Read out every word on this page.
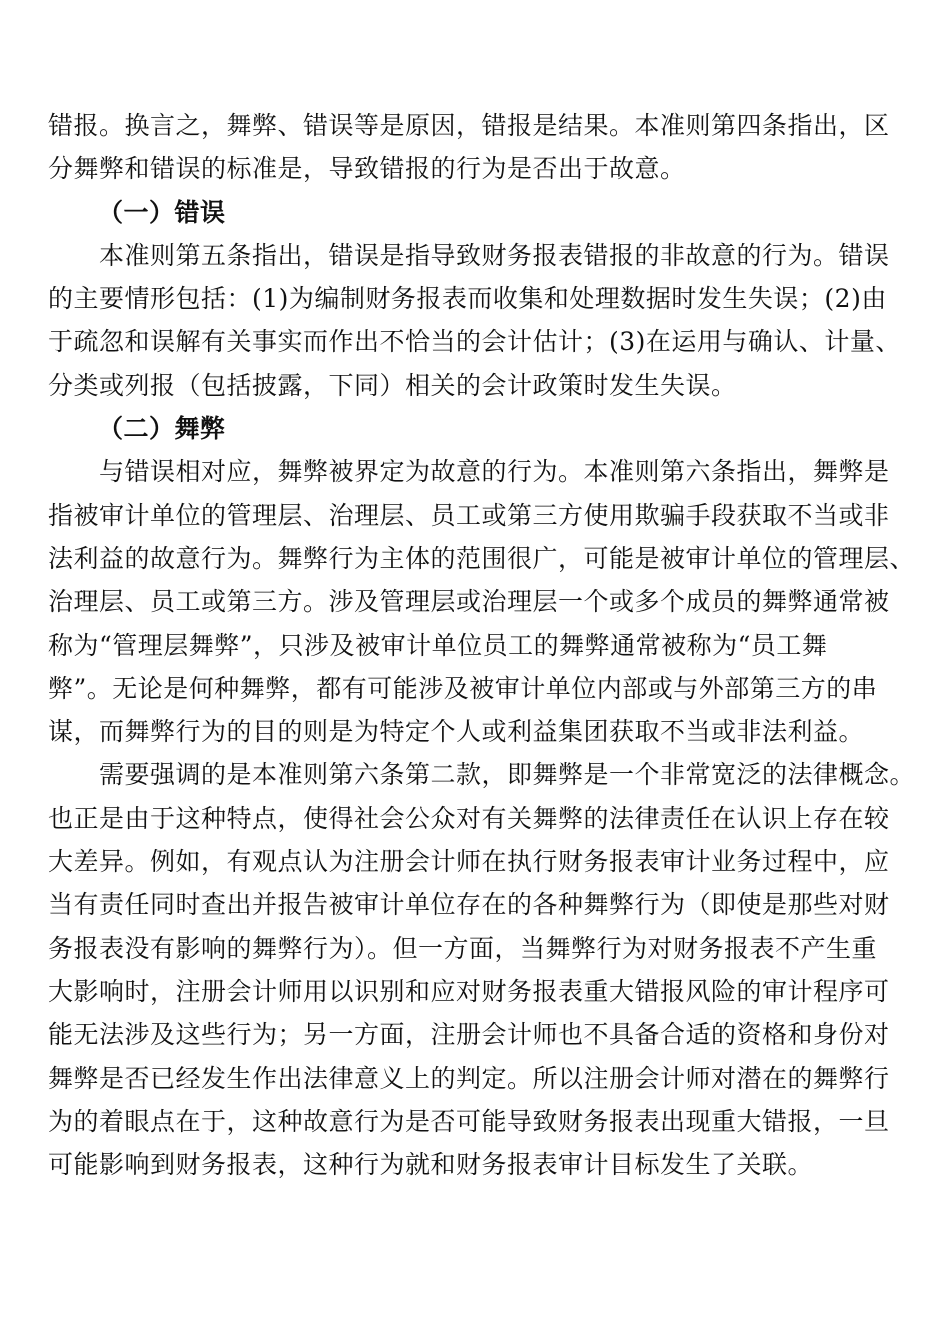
错报。换言之，舞弊、错误等是原因，错报是结果。本准则第四条指出，区
分舞弊和错误的标准是，导致错报的行为是否出于故意。
（一）错误
　　本准则第五条指出，错误是指导致财务报表错报的非故意的行为。错误
的主要情形包括：(1)为编制财务报表而收集和处理数据时发生失误；(2)由
于疏忽和误解有关事实而作出不恰当的会计估计；(3)在运用与确认、计量、
分类或列报（包括披露，下同）相关的会计政策时发生失误。
（二）舞弊
　　与错误相对应，舞弊被界定为故意的行为。本准则第六条指出，舞弊是
指被审计单位的管理层、治理层、员工或第三方使用欺骗手段获取不当或非
法利益的故意行为。舞弊行为主体的范围很广，可能是被审计单位的管理层、
治理层、员工或第三方。涉及管理层或治理层一个或多个成员的舞弊通常被
称为“管理层舞弊”，只涉及被审计单位员工的舞弊通常被称为“员工舞
弊”。无论是何种舞弊，都有可能涉及被审计单位内部或与外部第三方的串
谋，而舞弊行为的目的则是为特定个人或利益集团获取不当或非法利益。
　　需要强调的是本准则第六条第二款，即舞弊是一个非常宽泛的法律概念。
也正是由于这种特点，使得社会公众对有关舞弊的法律责任在认识上存在较
大差异。例如，有观点认为注册会计师在执行财务报表审计业务过程中，应
当有责任同时查出并报告被审计单位存在的各种舞弊行为（即使是那些对财
务报表没有影响的舞弊行为）。但一方面，当舞弊行为对财务报表不产生重
大影响时，注册会计师用以识别和应对财务报表重大错报风险的审计程序可
能无法涉及这些行为；另一方面，注册会计师也不具备合适的资格和身份对
舞弊是否已经发生作出法律意义上的判定。所以注册会计师对潜在的舞弊行
为的着眼点在于，这种故意行为是否可能导致财务报表出现重大错报，一旦
可能影响到财务报表，这种行为就和财务报表审计目标发生了关联。
